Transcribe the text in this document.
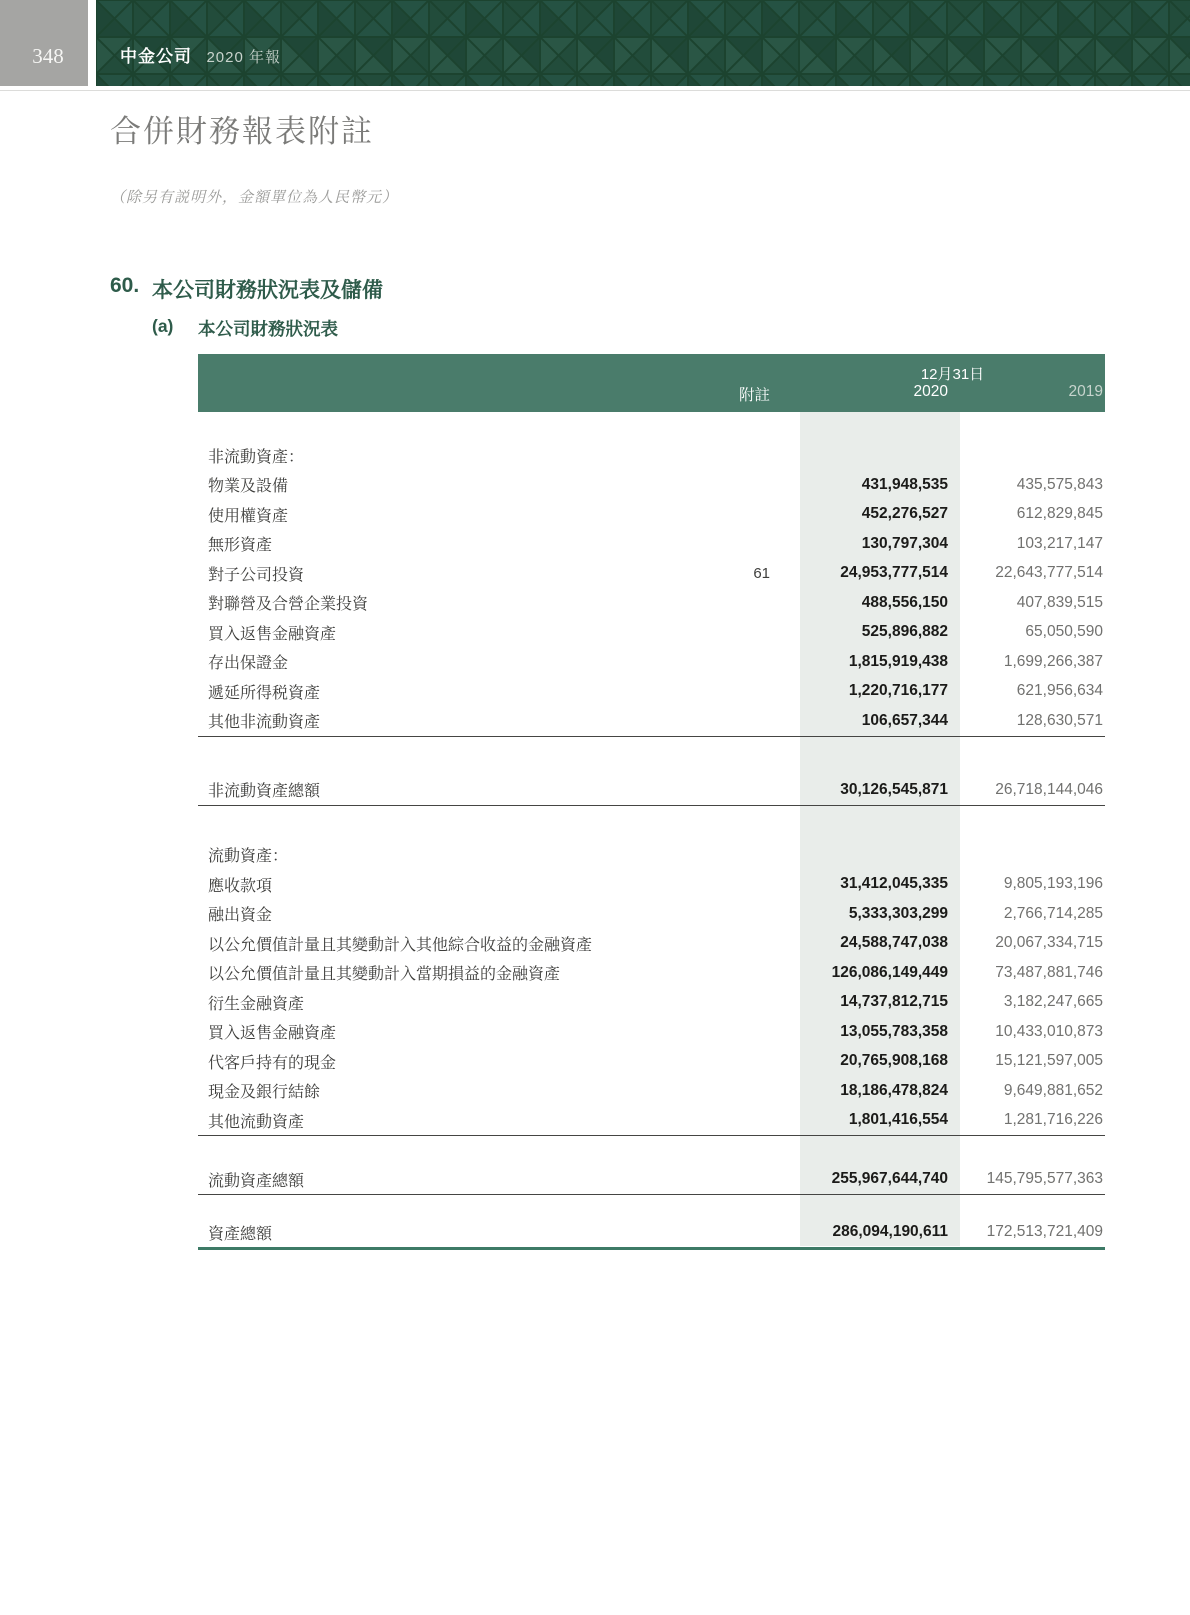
348	中金公司 2020 年報
合併財務報表附註
（除另有説明外，金額單位為人民幣元）
60. 本公司財務狀況表及儲備
(a)	本公司財務狀況表
12月31日
附註	2020	2019
非流動資產：
物業及設備	431,948,535	435,575,843
使用權資產	452,276,527	612,829,845
無形資產	130,797,304	103,217,147
對子公司投資	61	24,953,777,514	22,643,777,514
對聯營及合營企業投資	488,556,150	407,839,515
買入返售金融資產	525,896,882	65,050,590
存出保證金	1,815,919,438	1,699,266,387
遞延所得税資產	1,220,716,177	621,956,634
其他非流動資產	106,657,344	128,630,571
非流動資產總額	30,126,545,871	26,718,144,046
流動資產：
應收款項	31,412,045,335	9,805,193,196
融出資金	5,333,303,299	2,766,714,285
以公允價值計量且其變動計入其他綜合收益的金融資產	24,588,747,038	20,067,334,715
以公允價值計量且其變動計入當期損益的金融資產	126,086,149,449	73,487,881,746
衍生金融資產	14,737,812,715	3,182,247,665
買入返售金融資產	13,055,783,358	10,433,010,873
代客戶持有的現金	20,765,908,168	15,121,597,005
現金及銀行結餘	18,186,478,824	9,649,881,652
其他流動資產	1,801,416,554	1,281,716,226
流動資產總額	255,967,644,740	145,795,577,363
資產總額	286,094,190,611	172,513,721,409
